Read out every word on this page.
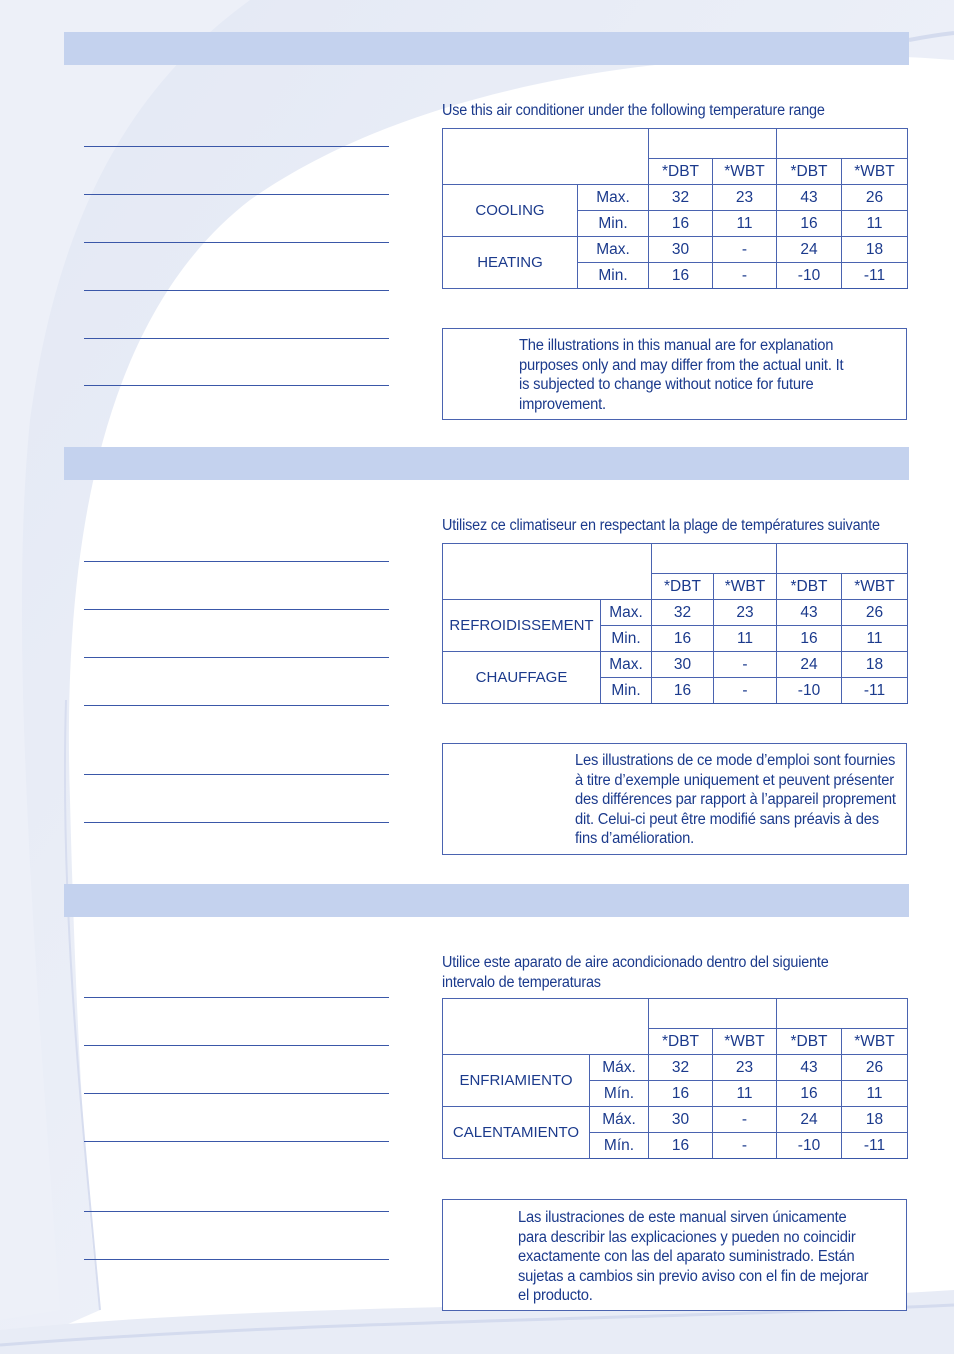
Use this air conditioner under the following temperature range

		*DBT	*WBT	*DBT	*WBT
COOLING	Max.	32	23	43	26
	Min.	16	11	16	11
HEATING	Max.	30	-	24	18
	Min.	16	-	-10	-11
The illustrations in this manual are for explanation purposes only and may differ from the actual unit. It is subjected to change without notice for future improvement.
Utilisez ce climatiseur en respectant la plage de températures suivante

		*DBT	*WBT	*DBT	*WBT
REFROIDISSEMENT	Max.	32	23	43	26
	Min.	16	11	16	11
CHAUFFAGE	Max.	30	-	24	18
	Min.	16	-	-10	-11
Les illustrations de ce mode d’emploi sont fournies à titre d’exemple uniquement et peuvent présenter des différences par rapport à l’appareil proprement dit. Celui-ci peut être modifié sans préavis à des fins d’amélioration.
Utilice este aparato de aire acondicionado dentro del siguiente intervalo de temperaturas

		*DBT	*WBT	*DBT	*WBT
ENFRIAMIENTO	Máx.	32	23	43	26
	Mín.	16	11	16	11
CALENTAMIENTO	Máx.	30	-	24	18
	Mín.	16	-	-10	-11
Las ilustraciones de este manual sirven únicamente para describir las explicaciones y pueden no coincidir exactamente con las del aparato suministrado. Están sujetas a cambios sin previo aviso con el fin de mejorar el producto.
